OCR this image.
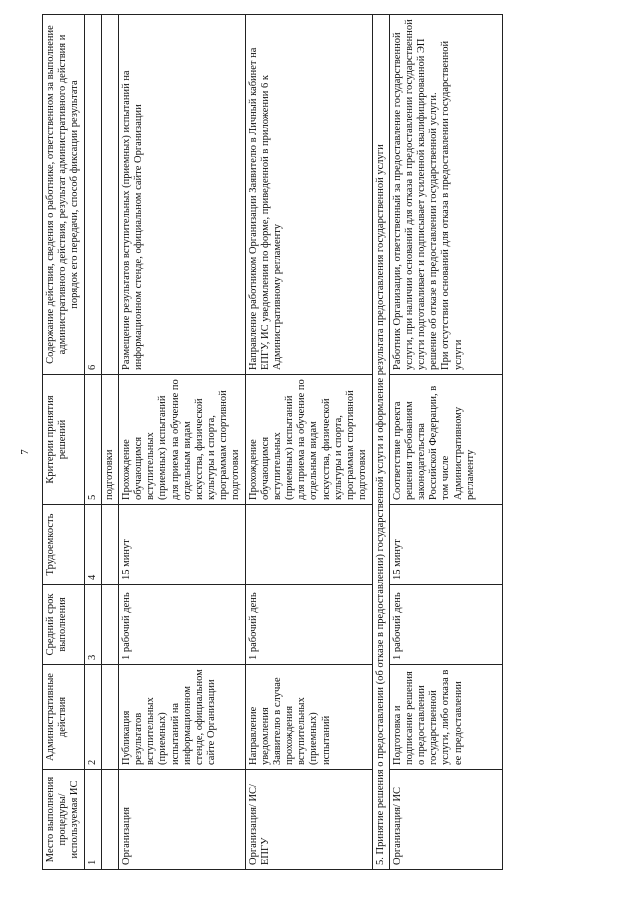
7
Место выполнения процедуры/ используемая ИС	Административные действия	Средний срок выполнения	Трудоемкость	Критерии принятия решений	Содержание действия, сведения о работнике, ответственном за выполнение административного действия, результат административного действия и порядок его передачи, способ фиксации результата
1	2	3	4	5	6
				подготовки	
Организация	Публикация результатов вступительных (приемных) испытаний на информационном стенде, официальном сайте Организации	1 рабочий день	15 минут	Прохождение обучающимся вступительных (приемных) испытаний для приема на обучение по отдельным видам искусства, физической культуры и спорта, программам спортивной подготовки	Размещение результатов вступительных (приемных) испытаний на информационном стенде, официальном сайте Организации
Организация/ ИС/ЕПГУ	Направление уведомления Заявителю в случае прохождения вступительных (приемных) испытаний	1 рабочий день		Прохождение обучающимся вступительных (приемных) испытаний для приема на обучение по отдельным видам искусства, физической культуры и спорта, программам спортивной подготовки	Направление работником Организации Заявителю в Личный кабинет на ЕПГУ, ИС уведомления по форме, приведенной в приложении 6 к Административному регламенту
5. Принятие решения о предоставлении (об отказе в предоставлении) государственной услуги и оформление результата предоставления государственной услуги					
Организация/ ИС	Подготовка и подписание решения о предоставлении государственной услуги, либо отказа в ее предоставлении	1 рабочий день	15 минут	Соответствие проекта решения требованиям законодательства Российской Федерации, в том числе Административному регламенту	Работник Организации, ответственный за предоставление государственной услуги, при наличии оснований для отказа в предоставлении государственной услуги подготавливает и подписывает усиленной квалифицированной ЭП решение об отказе в предоставлении государственной услуги. При отсутствии оснований для отказа в предоставлении государственной услуги
